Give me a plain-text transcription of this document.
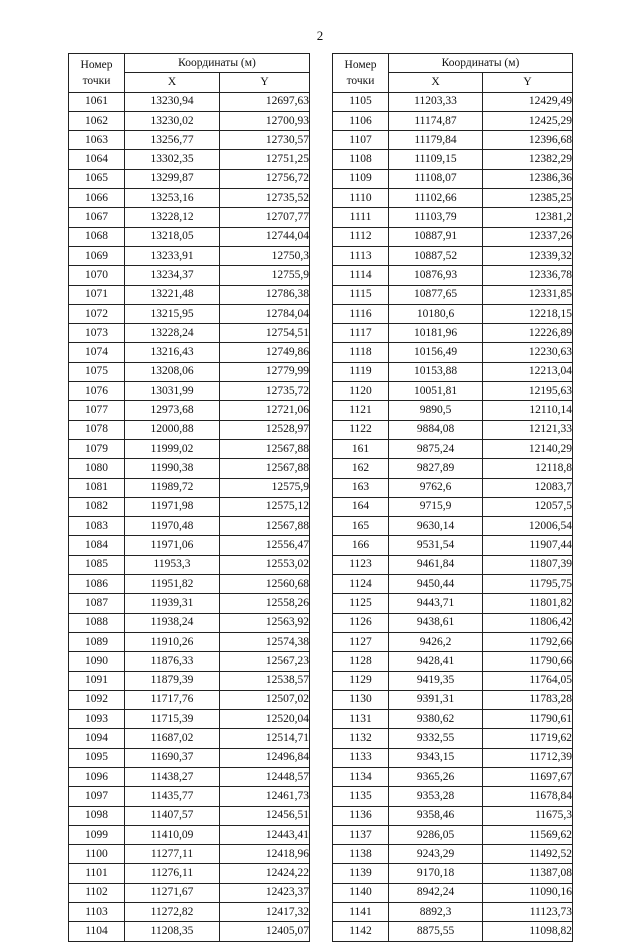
2
Номер
точки	Координаты (м)	
	X	Y
1061	13230,94	12697,63
1062	13230,02	12700,93
1063	13256,77	12730,57
1064	13302,35	12751,25
1065	13299,87	12756,72
1066	13253,16	12735,52
1067	13228,12	12707,77
1068	13218,05	12744,04
1069	13233,91	12750,3
1070	13234,37	12755,9
1071	13221,48	12786,38
1072	13215,95	12784,04
1073	13228,24	12754,51
1074	13216,43	12749,86
1075	13208,06	12779,99
1076	13031,99	12735,72
1077	12973,68	12721,06
1078	12000,88	12528,97
1079	11999,02	12567,88
1080	11990,38	12567,88
1081	11989,72	12575,9
1082	11971,98	12575,12
1083	11970,48	12567,88
1084	11971,06	12556,47
1085	11953,3	12553,02
1086	11951,82	12560,68
1087	11939,31	12558,26
1088	11938,24	12563,92
1089	11910,26	12574,38
1090	11876,33	12567,23
1091	11879,39	12538,57
1092	11717,76	12507,02
1093	11715,39	12520,04
1094	11687,02	12514,71
1095	11690,37	12496,84
1096	11438,27	12448,57
1097	11435,77	12461,73
1098	11407,57	12456,51
1099	11410,09	12443,41
1100	11277,11	12418,96
1101	11276,11	12424,22
1102	11271,67	12423,37
1103	11272,82	12417,32
1104	11208,35	12405,07
Номер
точки	Координаты (м)	
	X	Y
1105	11203,33	12429,49
1106	11174,87	12425,29
1107	11179,84	12396,68
1108	11109,15	12382,29
1109	11108,07	12386,36
1110	11102,66	12385,25
1111	11103,79	12381,2
1112	10887,91	12337,26
1113	10887,52	12339,32
1114	10876,93	12336,78
1115	10877,65	12331,85
1116	10180,6	12218,15
1117	10181,96	12226,89
1118	10156,49	12230,63
1119	10153,88	12213,04
1120	10051,81	12195,63
1121	9890,5	12110,14
1122	9884,08	12121,33
161	9875,24	12140,29
162	9827,89	12118,8
163	9762,6	12083,7
164	9715,9	12057,5
165	9630,14	12006,54
166	9531,54	11907,44
1123	9461,84	11807,39
1124	9450,44	11795,75
1125	9443,71	11801,82
1126	9438,61	11806,42
1127	9426,2	11792,66
1128	9428,41	11790,66
1129	9419,35	11764,05
1130	9391,31	11783,28
1131	9380,62	11790,61
1132	9332,55	11719,62
1133	9343,15	11712,39
1134	9365,26	11697,67
1135	9353,28	11678,84
1136	9358,46	11675,3
1137	9286,05	11569,62
1138	9243,29	11492,52
1139	9170,18	11387,08
1140	8942,24	11090,16
1141	8892,3	11123,73
1142	8875,55	11098,82
